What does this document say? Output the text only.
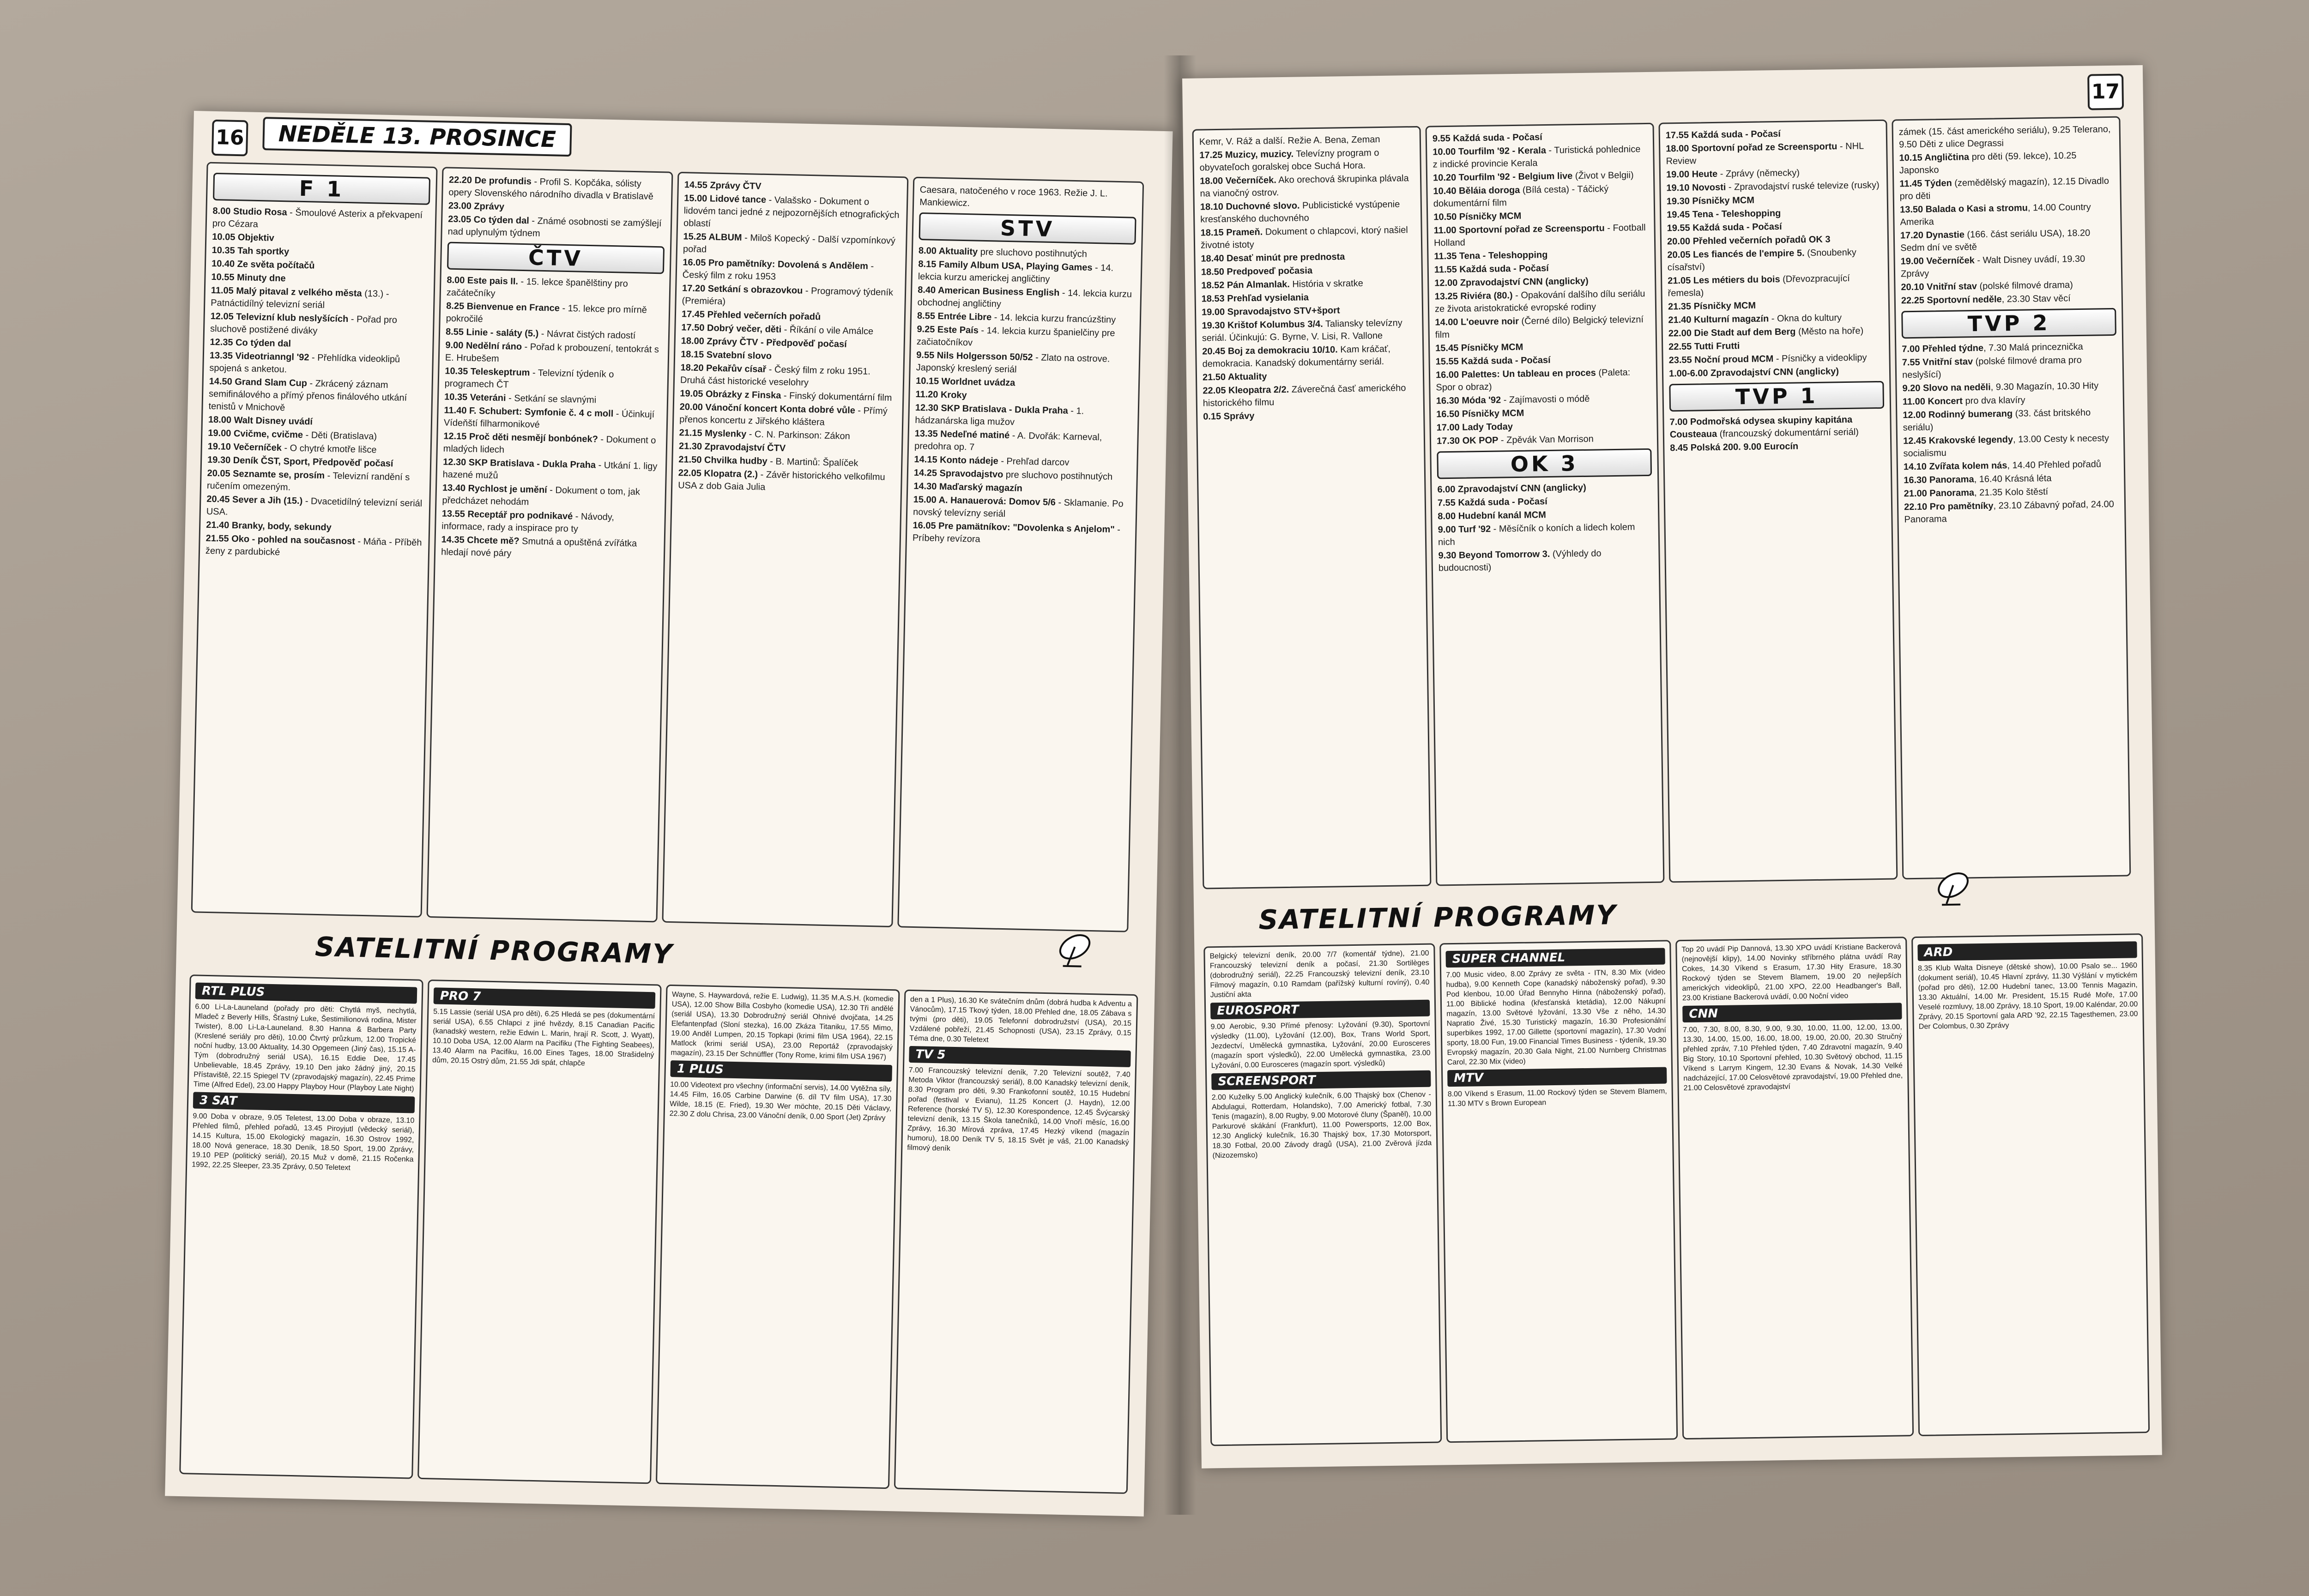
16	NEDĚLE 13. PROSINCE
F 1
8.00 Studio Rosa - Šmoulové Asterix a překvapení pro Cézara
10.05 Objektiv
10.35 Tah sportky
10.40 Ze světa počítačů
10.55 Minuty dne
11.05 Malý pitaval z velkého města (13.) - Patnáctidílný televizní seriál
12.05 Televizní klub neslyšících - Pořad pro sluchově postižené diváky
12.35 Co týden dal
13.35 Videotrianngl '92 - Přehlídka videoklipů spojená s anketou.
14.50 Grand Slam Cup - Zkrácený záznam semifinálového a přímý přenos finálového utkání tenistů v Mnichově
18.00 Walt Disney uvádí
19.00 Cvičme, cvičme - Děti (Bratislava)
19.10 Večerníček - O chytré kmotře lišce
19.30 Deník ČST, Sport, Předpověď počasí
20.05 Seznamte se, prosím - Televizní randění s ručením omezeným.
20.45 Sever a Jih (15.) - Dvacetidílný televizní seriál USA.
21.40 Branky, body, sekundy
21.55 Oko - pohled na současnost - Máňa - Příběh ženy z pardubické
22.20 De profundis - Profil S. Kopčáka, sólisty opery Slovenského národního divadla v Bratislavě
23.00 Zprávy
23.05 Co týden dal - Známé osobnosti se zamýšlejí nad uplynulým týdnem
ČTV
8.00 Este pais II. - 15. lekce španělštiny pro začátečníky
8.25 Bienvenue en France - 15. lekce pro mírně pokročilé
8.55 Linie - saláty (5.) - Návrat čistých radostí
9.00 Nedělní ráno - Pořad k probouzení, tentokrát s E. Hrubešem
10.35 Teleskeptrum - Televizní týdeník o programech ČT
10.35 Veteráni - Setkání se slavnými
11.40 F. Schubert: Symfonie č. 4 c moll - Účinkují Vídeňští filharmonikové
12.15 Proč děti nesmějí bonbónek? - Dokument o mladých lidech
12.30 SKP Bratislava - Dukla Praha - Utkání 1. ligy hazené mužů
13.40 Rychlost je umění - Dokument o tom, jak předcházet nehodám
13.55 Receptář pro podnikavé - Návody, informace, rady a inspirace pro ty
14.35 Chcete mě? Smutná a opuštěná zvířátka hledají nové páry
14.55 Zprávy ČTV
15.00 Lidové tance - Valašsko - Dokument o lidovém tanci jedné z nejpozornějších etnografických oblastí
15.25 ALBUM - Miloš Kopecký - Další vzpomínkový pořad
16.05 Pro pamětníky: Dovolená s Andělem - Český film z roku 1953
17.20 Setkání s obrazovkou - Programový týdeník (Premiéra)
17.45 Přehled večerních pořadů
17.50 Dobrý večer, děti - Říkání o vile Amálce
18.00 Zprávy ČTV - Předpověď počasí
18.15 Svatební slovo
18.20 Pekařův císař - Český film z roku 1951. Druhá část historické veselohry
19.05 Obrázky z Finska - Finský dokumentární film
20.00 Vánoční koncert Konta dobré vůle - Přímý přenos koncertu z Jiřského kláštera
21.15 Myslenky - C. N. Parkinson: Zákon
21.30 Zpravodajství ČTV
21.50 Chvilka hudby - B. Martinů: Špalíček
22.05 Klopatra (2.) - Závěr historického velkofilmu USA z dob Gaia Julia
Caesara, natočeného v roce 1963. Režie J. L. Mankiewicz.
STV
8.00 Aktuality pre sluchovo postihnutých
8.15 Family Album USA, Playing Games - 14. lekcia kurzu americkej angličtiny
8.40 American Business English - 14. lekcia kurzu obchodnej angličtiny
8.55 Entrée Libre - 14. lekcia kurzu francúzštiny
9.25 Este País - 14. lekcia kurzu španielčiny pre začiatočníkov
9.55 Nils Holgersson 50/52 - Zlato na ostrove. Japonský kreslený seriál
10.15 Worldnet uvádza
11.20 Kroky
12.30 SKP Bratislava - Dukla Praha - 1. hádzanárska liga mužov
13.35 Nedeľné matiné - A. Dvořák: Karneval, predohra op. 7
14.15 Konto nádeje - Prehľad darcov
14.25 Spravodajstvo pre sluchovo postihnutých
14.30 Maďarský magazín
15.00 A. Hanauerová: Domov 5/6 - Sklamanie. Po novský televízny seriál
16.05 Pre pamätníkov: "Dovolenka s Anjelom" - Príbehy revízora
SATELITNÍ PROGRAMY
RTL PLUS
6.00 Li-La-Launeland (pořady pro děti: Chytlá myš, nechytlá, Mladeč z Beverly Hills, Šťastný Luke, Šestimilionová rodina, Mister Twister), 8.00 Li-La-Launeland. 8.30 Hanna & Barbera Party (Kreslené seriály pro děti), 10.00 Čtvrtý průzkum, 12.00 Tropické noční hudby, 13.00 Aktuality, 14.30 Opgemeen (Jiný čas), 15.15 A-Tým (dobrodružný seriál USA), 16.15 Eddie Dee, 17.45 Unbelievable, 18.45 Zprávy, 19.10 Den jako žádný jiný, 20.15 Přístaviště, 22.15 Spiegel TV (zpravodajský magazín), 22.45 Prime Time (Alfred Edel), 23.00 Happy Playboy Hour (Playboy Late Night)
3 SAT
9.00 Doba v obraze, 9.05 Teletest, 13.00 Doba v obraze, 13.10 Přehled filmů, přehled pořadů, 13.45 Piroyjutl (vědecký seriál), 14.15 Kultura, 15.00 Ekologický magazín, 16.30 Ostrov 1992, 18.00 Nová generace, 18.30 Deník, 18.50 Sport, 19.00 Zprávy, 19.10 PEP (politický seriál), 20.15 Muž v domě, 21.15 Ročenka 1992, 22.25 Sleeper, 23.35 Zprávy, 0.50 Teletext
PRO 7
5.15 Lassie (seriál USA pro děti), 6.25 Hledá se pes (dokumentární seriál USA), 6.55 Chlapci z jiné hvězdy, 8.15 Canadian Pacific (kanadský western, režie Edwin L. Marin, hrají R. Scott, J. Wyatt), 10.10 Doba USA, 12.00 Alarm na Pacifiku (The Fighting Seabees), 13.40 Alarm na Pacifiku, 16.00 Eines Tages, 18.00 Strašidelný dům, 20.15 Ostrý dům, 21.55 Jdi spát, chlapče
Wayne, S. Haywardová, režie E. Ludwig), 11.35 M.A.S.H. (komedie USA), 12.00 Show Billa Cosbyho (komedie USA), 12.30 Tři andělé (seriál USA), 13.30 Dobrodružný seriál Ohnivé dvojčata, 14.25 Elefantenpfad (Sloní stezka), 16.00 Zkáza Titaniku, 17.55 Mimo, 19.00 Anděl Lumpen, 20.15 Topkapi (krimi film USA 1964), 22.15 Matlock (krimi seriál USA), 23.00 Reportáž (zpravodajský magazín), 23.15 Der Schnüffler (Tony Rome, krimi film USA 1967)
1 PLUS
10.00 Videotext pro všechny (informační servis), 14.00 Vytěžna síly, 14.45 Film, 16.05 Carbine Darwine (6. díl TV film USA), 17.30 Wilde, 18.15 (E. Fried), 19.30 Wer möchte, 20.15 Děti Václavy, 22.30 Z dolu Chrisa, 23.00 Vánoční deník, 0.00 Sport (Jet) Zprávy
den a 1 Plus), 16.30 Ke svátečním dnům (dobrá hudba k Adventu a Vánocům), 17.15 Tkový týden, 18.00 Přehled dne, 18.05 Zábava s tvými (pro děti), 19.05 Telefonní dobrodružství (USA), 20.15 Vzdálené pobřeží, 21.45 Schopnosti (USA), 23.15 Zprávy, 0.15 Téma dne, 0.30 Teletext
TV 5
7.00 Francouzský televizní deník, 7.20 Televizní soutěž, 7.40 Metoda Viktor (francouzský seriál), 8.00 Kanadský televizní deník, 8.30 Program pro děti, 9.30 Frankofonní soutěž, 10.15 Hudební pořad (festival v Evianu), 11.25 Koncert (J. Haydn), 12.00 Reference (horské TV 5), 12.30 Korespondence, 12.45 Švýcarský televizní deník, 13.15 Škola tanečníků, 14.00 Vnoří měsíc, 16.00 Zprávy, 16.30 Mírová zpráva, 17.45 Hezký víkend (magazín humoru), 18.00 Deník TV 5, 18.15 Svět je váš, 21.00 Kanadský filmový deník
17
Kemr, V. Ráž a další. Režie A. Bena, Zeman
17.25 Muzicy, muzicy. Televízny program o obyvateľoch goralskej obce Suchá Hora.
18.00 Večerníček. Ako orechová škrupinka plávala na vianočný ostrov.
18.10 Duchovné slovo. Publicistické vystúpenie kresťanského duchovného
18.15 Prameň. Dokument o chlapcovi, ktorý našiel životné istoty
18.40 Desať minút pre prednosta
18.50 Predpoveď počasia
18.52 Pán Almanlak. História v skratke
18.53 Prehľad vysielania
19.00 Spravodajstvo STV+šport
19.30 Krištof Kolumbus 3/4. Taliansky televízny seriál. Účinkujú: G. Byrne, V. Lisi, R. Vallone
20.45 Boj za demokraciu 10/10. Kam kráčať, demokracia. Kanadský dokumentárny seriál.
21.50 Aktuality
22.05 Kleopatra 2/2. Záverečná časť amerického historického filmu
0.15 Správy
9.55 Každá suda - Počasí
10.00 Tourfilm '92 - Kerala - Turistická pohlednice z indické provincie Kerala
10.20 Tourfilm '92 - Belgium live (Život v Belgii)
10.40 Běláia doroga (Bílá cesta) - Táčický dokumentární film
10.50 Písničky MCM
11.00 Sportovní pořad ze Screensportu - Football Holland
11.35 Tena - Teleshopping
11.55 Každá suda - Počasí
12.00 Zpravodajství CNN (anglicky)
13.25 Riviéra (80.) - Opakování dalšího dílu seriálu ze života aristokratické evropské rodiny
14.00 L'oeuvre noir (Černé dílo) Belgický televizní film
15.45 Písničky MCM
15.55 Každá suda - Počasí
16.00 Palettes: Un tableau en proces (Paleta: Spor o obraz)
16.30 Móda '92 - Zajímavosti o módě
16.50 Písničky MCM
17.00 Lady Today
17.30 OK POP - Zpěvák Van Morrison
OK 3
6.00 Zpravodajství CNN (anglicky)
7.55 Každá suda - Počasí
8.00 Hudební kanál MCM
9.00 Turf '92 - Měsíčník o koních a lidech kolem nich
9.30 Beyond Tomorrow 3. (Výhledy do budoucnosti)
17.55 Každá suda - Počasí
18.00 Sportovní pořad ze Screensportu - NHL Review
19.00 Heute - Zprávy (německy)
19.10 Novosti - Zpravodajství ruské televize (rusky)
19.30 Písničky MCM
19.45 Tena - Teleshopping
19.55 Každá suda - Počasí
20.00 Přehled večerních pořadů OK 3
20.05 Les fiancés de l'empire 5. (Snoubenky císařství)
21.05 Les métiers du bois (Dřevozpracující řemesla)
21.35 Písničky MCM
21.40 Kulturní magazín - Okna do kultury
22.00 Die Stadt auf dem Berg (Město na hoře)
22.55 Tutti Frutti
23.55 Noční proud MCM - Písničky a videoklipy
1.00-6.00 Zpravodajství CNN (anglicky)
TVP 1
7.00 Podmořská odysea skupiny kapitána Cousteaua (francouzský dokumentární seriál)
8.45 Polská 200. 9.00 Eurocín
zámek (15. část amerického seriálu), 9.25 Telerano, 9.50 Děti z ulice Degrassi
10.15 Angličtina pro děti (59. lekce), 10.25 Japonsko
11.45 Týden (zemědělský magazín), 12.15 Divadlo pro děti
13.50 Balada o Kasi a stromu, 14.00 Country Amerika
17.20 Dynastie (166. část seriálu USA), 18.20 Sedm dní ve světě
19.00 Večerníček - Walt Disney uvádí, 19.30 Zprávy
20.10 Vnitřní stav (polské filmové drama)
22.25 Sportovní neděle, 23.30 Stav věcí
TVP 2
7.00 Přehled týdne, 7.30 Malá princeznička
7.55 Vnitřní stav (polské filmové drama pro neslyšící)
9.20 Slovo na neděli, 9.30 Magazín, 10.30 Hity
11.00 Koncert pro dva klavíry
12.00 Rodinný bumerang (33. část britského seriálu)
12.45 Krakovské legendy, 13.00 Cesty k necesty socialismu
14.10 Zvířata kolem nás, 14.40 Přehled pořadů
16.30 Panorama, 16.40 Krásná léta
21.00 Panorama, 21.35 Kolo štěstí
22.10 Pro pamětníky, 23.10 Zábavný pořad, 24.00 Panorama
SATELITNÍ PROGRAMY
Belgický televizní deník, 20.00 7/7 (komentář týdne), 21.00 Francouzský televizní deník a počasí, 21.30 Sortilèges (dobrodružný seriál), 22.25 Francouzský televizní deník, 23.10 Filmový magazín, 0.10 Ramdam (pařížský kulturní rovíný), 0.40 Justiční akta
EUROSPORT
9.00 Aerobic, 9.30 Přímé přenosy: Lyžování (9.30), Sportovní výsledky (11.00), Lyžování (12.00), Box, Trans World Sport, Jezdectví, Umělecká gymnastika, Lyžování, 20.00 Eurosceres (magazín sport výsledků), 22.00 Umělecká gymnastika, 23.00 Lyžování, 0.00 Eurosceres (magazín sport. výsledků)
SCREENSPORT
2.00 Kuželky 5.00 Anglický kulečník, 6.00 Thajský box (Chenov - Abdulagui, Rotterdam, Holandsko), 7.00 Americký fotbal, 7.30 Tenis (magazín), 8.00 Rugby, 9.00 Motorové čluny (Španěl), 10.00 Parkurové skákání (Frankfurt), 11.00 Powersports, 12.00 Box, 12.30 Anglický kulečník, 16.30 Thajský box, 17.30 Motorsport, 18.30 Fotbal, 20.00 Závody dragů (USA), 21.00 Zvěrová jízda (Nizozemsko)
SUPER CHANNEL
7.00 Music video, 8.00 Zprávy ze světa - ITN, 8.30 Mix (video hudba), 9.00 Kenneth Cope (kanadský náboženský pořad), 9.30 Pod klenbou, 10.00 Úřad Bennyho Hinna (náboženský pořad), 11.00 Biblické hodina (křesťanská ktetádia), 12.00 Nákupní magazín, 13.00 Světové lyžování, 13.30 Vše z něho, 14.30 Napratio Živé, 15.30 Turistický magazín, 16.30 Profesionální superbikes 1992, 17.00 Gillette (sportovní magazín), 17.30 Vodní sporty, 18.00 Fun, 19.00 Financial Times Business - týdeník, 19.30 Evropský magazín, 20.30 Gala Night, 21.00 Nurnberg Christmas Carol, 22.30 Mix (video)
MTV
8.00 Víkend s Erasum, 11.00 Rockový týden se Stevem Blamem, 11.30 MTV s Brown European
Top 20 uvádí Pip Dannová, 13.30 XPO uvádí Kristiane Backerová (nejnovější klipy), 14.00 Novinky stříbrného plátna uvádí Ray Cokes, 14.30 Víkend s Erasum, 17.30 Hity Erasure, 18.30 Rockový týden se Stevem Blamem, 19.00 20 nejlepších amerických videoklipů, 21.00 XPO, 22.00 Headbanger's Ball, 23.00 Kristiane Backerová uvádí, 0.00 Noční video
CNN
7.00, 7.30, 8.00, 8.30, 9.00, 9.30, 10.00, 11.00, 12.00, 13.00, 13.30, 14.00, 15.00, 16.00, 18.00, 19.00, 20.00, 20.30 Stručný přehled zpráv, 7.10 Přehled týden, 7.40 Zdravotní magazín, 9.40 Big Story, 10.10 Sportovní přehled, 10.30 Světový obchod, 11.15 Víkend s Larrym Kingem, 12.30 Evans & Novak, 14.30 Velké nadcházející, 17.00 Celosvětové zpravodajství, 19.00 Přehled dne, 21.00 Celosvětové zpravodajství
ARD
8.35 Klub Walta Disneye (dětské show), 10.00 Psalo se... 1960 (dokument seriál), 10.45 Hlavní zprávy, 11.30 Výšlání v mytickém (pořad pro děti), 12.00 Hudební tanec, 13.00 Tennis Magazin, 13.30 Aktuální, 14.00 Mr. President, 15.15 Rudé Moře, 17.00 Veselé rozmluvy, 18.00 Zprávy, 18.10 Sport, 19.00 Kaléndar, 20.00 Zprávy, 20.15 Sportovní gala ARD '92, 22.15 Tagesthemen, 23.00 Der Colombus, 0.30 Zprávy
